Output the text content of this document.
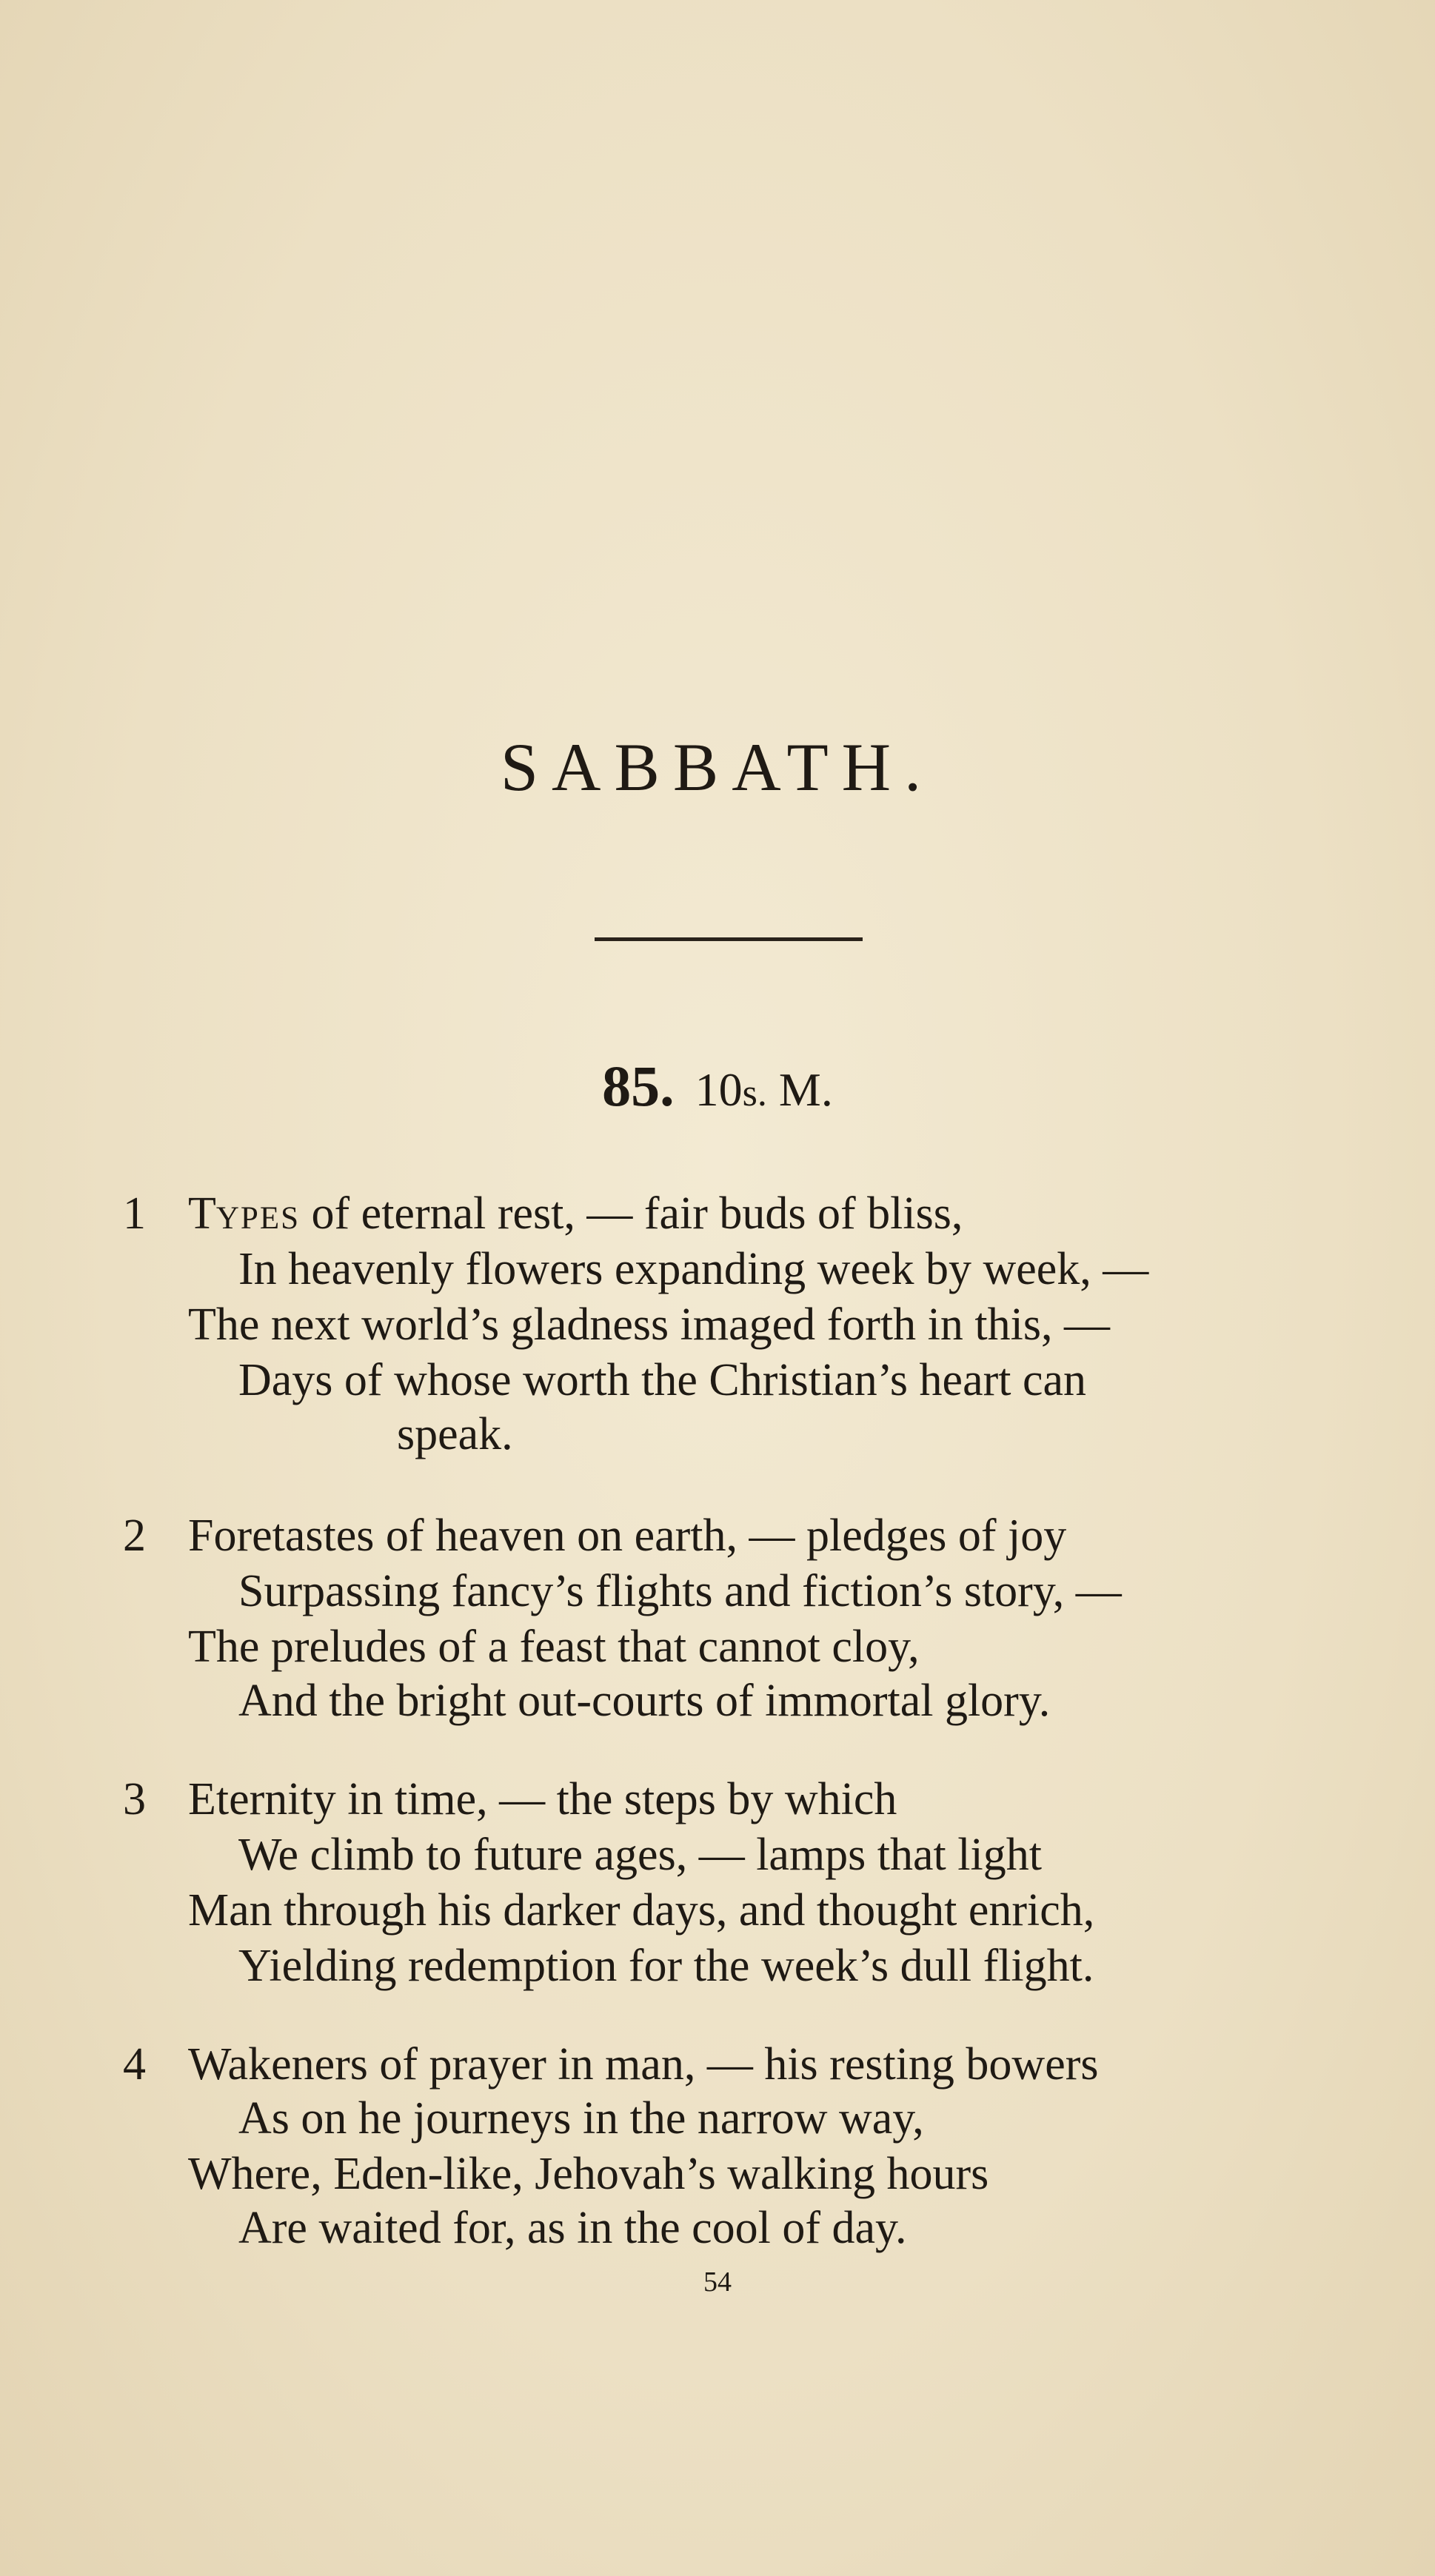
SABBATH.
85. 10s. M.
1 Types of eternal rest, — fair buds of bliss,
In heavenly flowers expanding week by week, —
The next world’s gladness imaged forth in this, —
Days of whose worth the Christian’s heart can
speak.
2 Foretastes of heaven on earth, — pledges of joy
Surpassing fancy’s flights and fiction’s story, —
The preludes of a feast that cannot cloy,
And the bright out-courts of immortal glory.
3 Eternity in time, — the steps by which
We climb to future ages, — lamps that light
Man through his darker days, and thought enrich,
Yielding redemption for the week’s dull flight.
4 Wakeners of prayer in man, — his resting bowers
As on he journeys in the narrow way,
Where, Eden-like, Jehovah’s walking hours
Are waited for, as in the cool of day.
54
